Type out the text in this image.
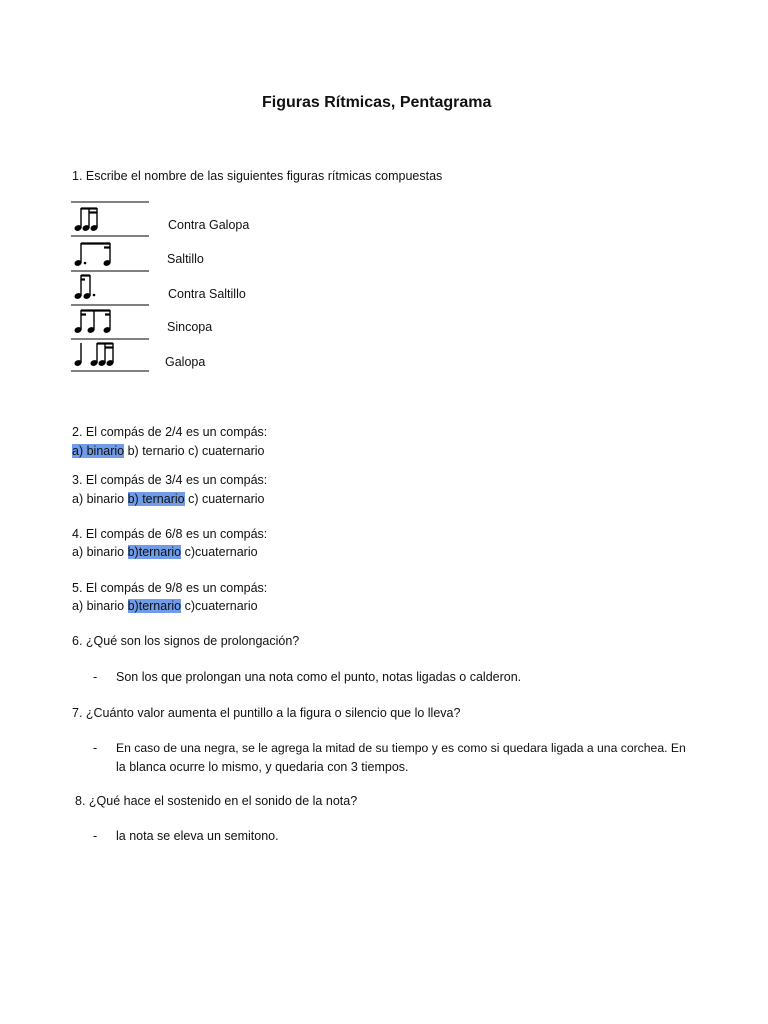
Figuras Rítmicas, Pentagrama
1. Escribe el nombre de las siguientes figuras rítmicas compuestas
Contra Galopa
Saltillo
Contra Saltillo
Sincopa
Galopa
2. El compás de 2/4 es un compás:
a) binario b) ternario c) cuaternario
3. El compás de 3/4 es un compás:
a) binario b) ternario c) cuaternario
4. El compás de 6/8 es un compás:
a) binario b)ternario c)cuaternario
5. El compás de 9/8 es un compás:
a) binario b)ternario c)cuaternario
6. ¿Qué son los signos de prolongación?
- Son los que prolongan una nota como el punto, notas ligadas o calderon.
7. ¿Cuánto valor aumenta el puntillo a la figura o silencio que lo lleva?
- En caso de una negra, se le agrega la mitad de su tiempo y es como si quedara ligada a una corchea. En
la blanca ocurre lo mismo, y quedaria con 3 tiempos.
8. ¿Qué hace el sostenido en el sonido de la nota?
- la nota se eleva un semitono.
